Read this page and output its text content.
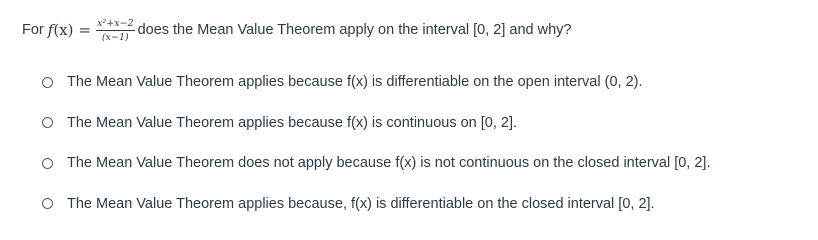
For f $(x) = \frac{\text{x²+x−2}}{(x-1)}$ does the Mean Value Theorem apply on the interval [0, 2] and why?
The Mean Value Theorem applies because f(x) is differentiable on the open interval (0, 2).
The Mean Value Theorem applies because f(x) is continuous on [0, 2].
The Mean Value Theorem does not apply because f(x) is not continuous on the closed interval [0, 2].
The Mean Value Theorem applies because, f(x) is differentiable on the closed interval [0, 2].
